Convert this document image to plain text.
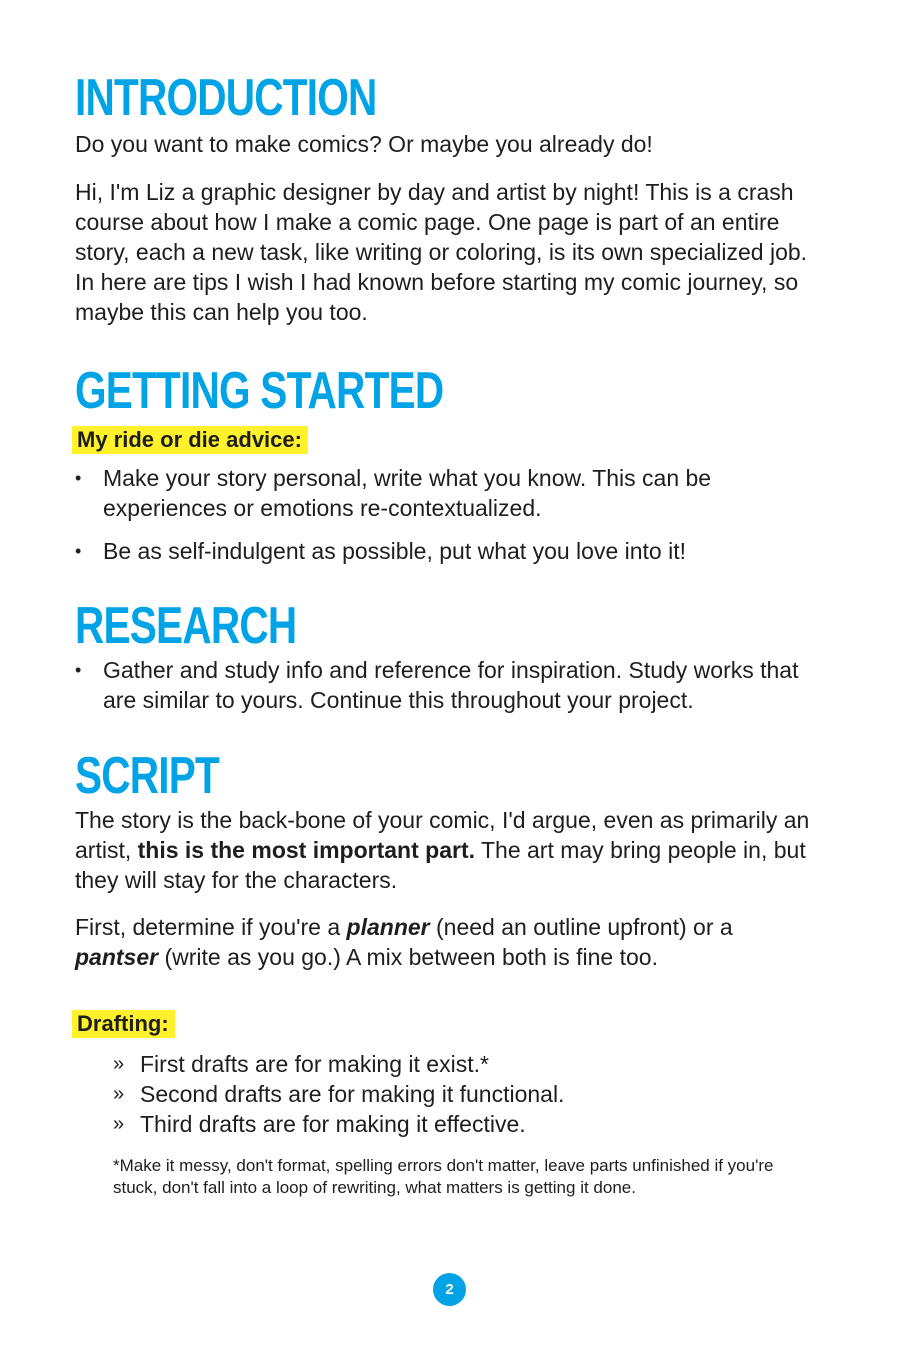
INTRODUCTION

Do you want to make comics? Or maybe you already do!

Hi, I'm Liz a graphic designer by day and artist by night! This is a crash course about how I make a comic page. One page is part of an entire story, each a new task, like writing or coloring, is its own specialized job. In here are tips I wish I had known before starting my comic journey, so maybe this can help you too.

GETTING STARTED
My ride or die advice:
• Make your story personal, write what you know. This can be experiences or emotions re-contextualized.
• Be as self-indulgent as possible, put what you love into it!
RESEARCH
• Gather and study info and reference for inspiration. Study works that are similar to yours. Continue this throughout your project.
SCRIPT

The story is the back-bone of your comic, I'd argue, even as primarily an artist, this is the most important part. The art may bring people in, but they will stay for the characters.

First, determine if you're a planner (need an outline upfront) or a pantser (write as you go.) A mix between both is fine too.

Drafting:
» First drafts are for making it exist.*
» Second drafts are for making it functional.
» Third drafts are for making it effective.

*Make it messy, don't format, spelling errors don't matter, leave parts unfinished if you're stuck, don't fall into a loop of rewriting, what matters is getting it done.

2
